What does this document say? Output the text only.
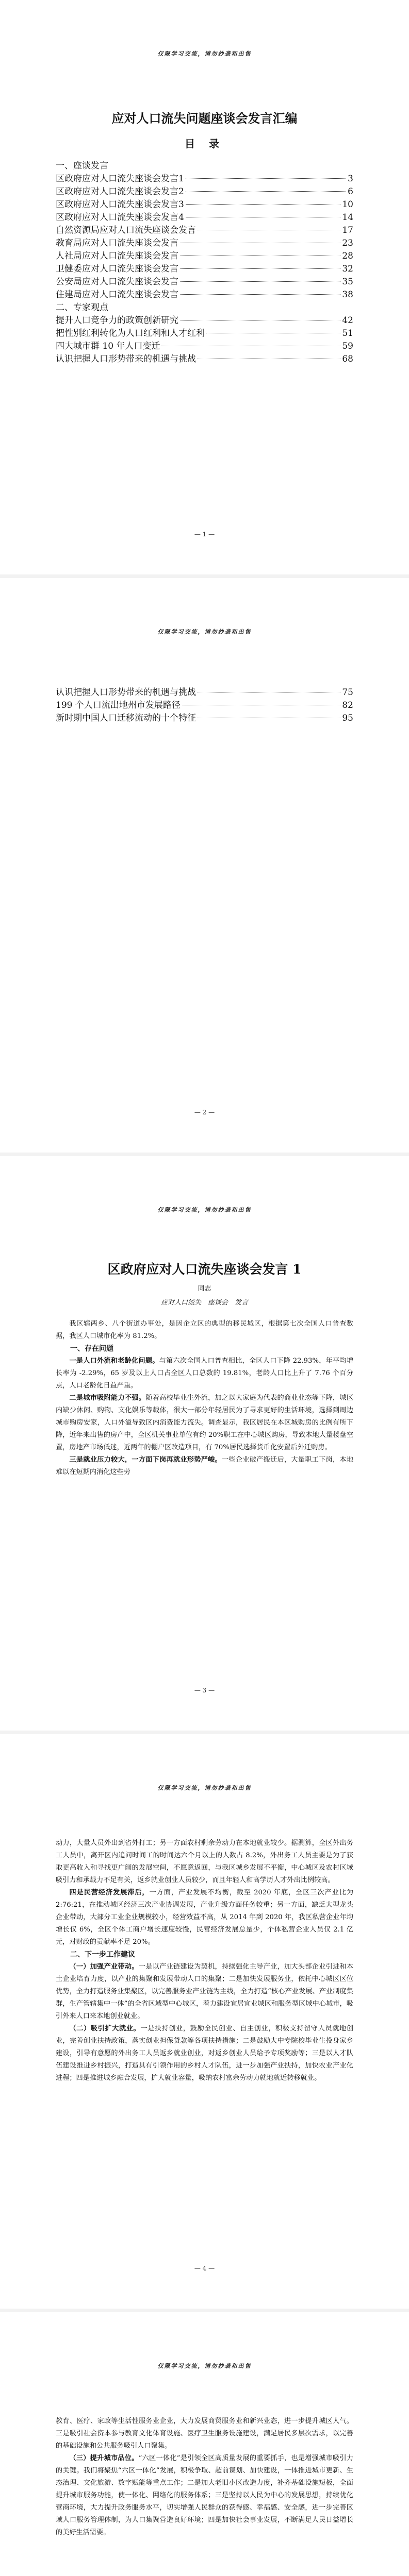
仅限学习交流，请勿抄袭和出售
应对人口流失问题座谈会发言汇编
目 录
一、座谈发言
区政府应对人口流失座谈会发言1	3
区政府应对人口流失座谈会发言2	6
区政府应对人口流失座谈会发言3	10
区政府应对人口流失座谈会发言4	14
自然资源局应对人口流失座谈会发言	17
教育局应对人口流失座谈会发言	23
人社局应对人口流失座谈会发言	28
卫健委应对人口流失座谈会发言	32
公安局应对人口流失座谈会发言	35
住建局应对人口流失座谈会发言	38
二、专家观点
提升人口竞争力的政策创新研究	42
把性别红利转化为人口红利和人才红利	51
四大城市群 10 年人口变迁	59
认识把握人口形势带来的机遇与挑战	68
— 1 —
仅限学习交流，请勿抄袭和出售
认识把握人口形势带来的机遇与挑战	75
199 个人口流出地州市发展路径	82
新时期中国人口迁移流动的十个特征	95
— 2 —
仅限学习交流，请勿抄袭和出售
区政府应对人口流失座谈会发言 1
同志
应对人口流失　座谈会　发言

我区辖两乡、八个街道办事处，是因企立区的典型的移民城区，根据第七次全国人口普查数据，我区人口城市化率为 81.2%。

一、存在问题

一是人口外流和老龄化问题。与第六次全国人口普查相比，全区人口下降 22.93%，年平均增长率为 -2.29%，65 岁及以上人口占全区人口总数的 19.81%，老龄人口比上升了 7.76 个百分点，人口老龄化日益严重。

二是城市吸附能力不强。随着高校毕业生外流，加之以大家庭为代表的商业业态等下降，城区内缺少休闲、购物、文化娱乐等载体，很大一部分年轻居民为了寻求更好的生活环境，选择到周边城市购房安家，人口外溢导致区内消费能力流失。调查显示，我区居民在本区城购房的比例有所下降，近年来出售的房产中，全区机关事业单位有约 20%职工在中心城区购房，导致本地大量楼盘空置，房地产市场低迷，近两年的棚户区改造项目，有 70%居民选择货币化安置后外迁购房。

三是就业压力较大，一方面下岗再就业形势严峻。一些企业破产搬迁后，大量职工下岗，本地难以在短期内消化这些劳

— 3 —
仅限学习交流，请勿抄袭和出售

动力，大量人员外出到省外打工；另一方面农村剩余劳动力在本地就业较少。据测算，全区外出务工人员中，离开区内追问时间工的时间达六个月以上的人数占 8.2%，外出务工人员主要是为了获取更高收入和寻找更广阔的发展空间，不愿意返回，与我区城乡发展不平衡，中心城区及农村区域吸引力和承载力不足有关，返乡就业创业人员较少，而且年轻人和高学历人才外出比例较高。

四是民营经济发展滞后，一方面，产业发展不均衡，截至 2020 年底，全区三次产业比为 2:76:21，在推动城区经济三次产业协调发展，产业升级方面任务较重；另一方面，缺乏大型龙头企业带动，大部分工业企业规模较小，经营效益不高，从 2014 年到 2020 年，我区私营企业年均增长仅 6%，全区个体工商户增长速度较慢，民营经济发展总量少，个体私营企业人员仅 2.1 亿元，对财政的贡献率不足 20%。

二、下一步工作建议

（一）加强产业带动。一是以产业链建设为契机，持续强化主导产业，加大头部企业引进和本土企业培育力度，以产业的集聚和发展带动人口的集聚；二是加快发展服务业，依托中心城区区位优势，全力打造服务业集聚区，以完善服务业产业链为主线，全力打造“核心产业发展、产业制度集群，生产管辖集中一体”的全省区域型中心城区，着力建设宜居宜业城区和服务型区域中心城市，吸引外来人口来本地创业就业。

（二）吸引扩大就业。一是扶持创业，鼓励全民创业、自主创业，积极支持留守人员就地创业，完善创业扶持政策，落实创业担保贷款等各项扶持措施；二是鼓励大中专院校毕业生投身家乡建设，引导有意愿的外出务工人员返乡就业创业，对返乡创业人员给予专项奖励等；三是以人才队伍建设推进乡村振兴，打造具有引领作用的乡村人才队伍，进一步加强产业扶持，加快农业产业化进程；四是推进城乡融合发展，扩大就业容量，吸纳农村富余劳动力就地就近转移就业。

— 4 —
仅限学习交流，请勿抄袭和出售

教育、医疗、家政等生活性服务业企业，大力发展商贸服务业和新兴业态，进一步提升城区人气。三是吸引社会资本参与教育文化体育设施、医疗卫生服务设施建设，满足居民多层次需求，以完善的基础设施和公共服务吸引人口聚集。

（三）提升城市品位。“六区一体化”是引领全区高质量发展的重要抓手，也是增强城市吸引力的关键。我们将聚焦“六区一体化”发展，积极争取、超前谋划、加快建设，一体推进城市更新、生态治理、文化旅游、数字赋能等重点工作；二是加大老旧小区改造力度，补齐基础设施短板，全面提升城市服务功能，使一体化、网络化的服务体系；三是坚持以人民为中心的发展思想，持续优化营商环境，大力提升政务服务水平，切实增强人民群众的获得感、幸福感、安全感，进一步完善区域人口服务管理体制，为人口集聚营造良好环境；四是加快社会事业发展，不断满足人民日益增长的美好生活需要。
